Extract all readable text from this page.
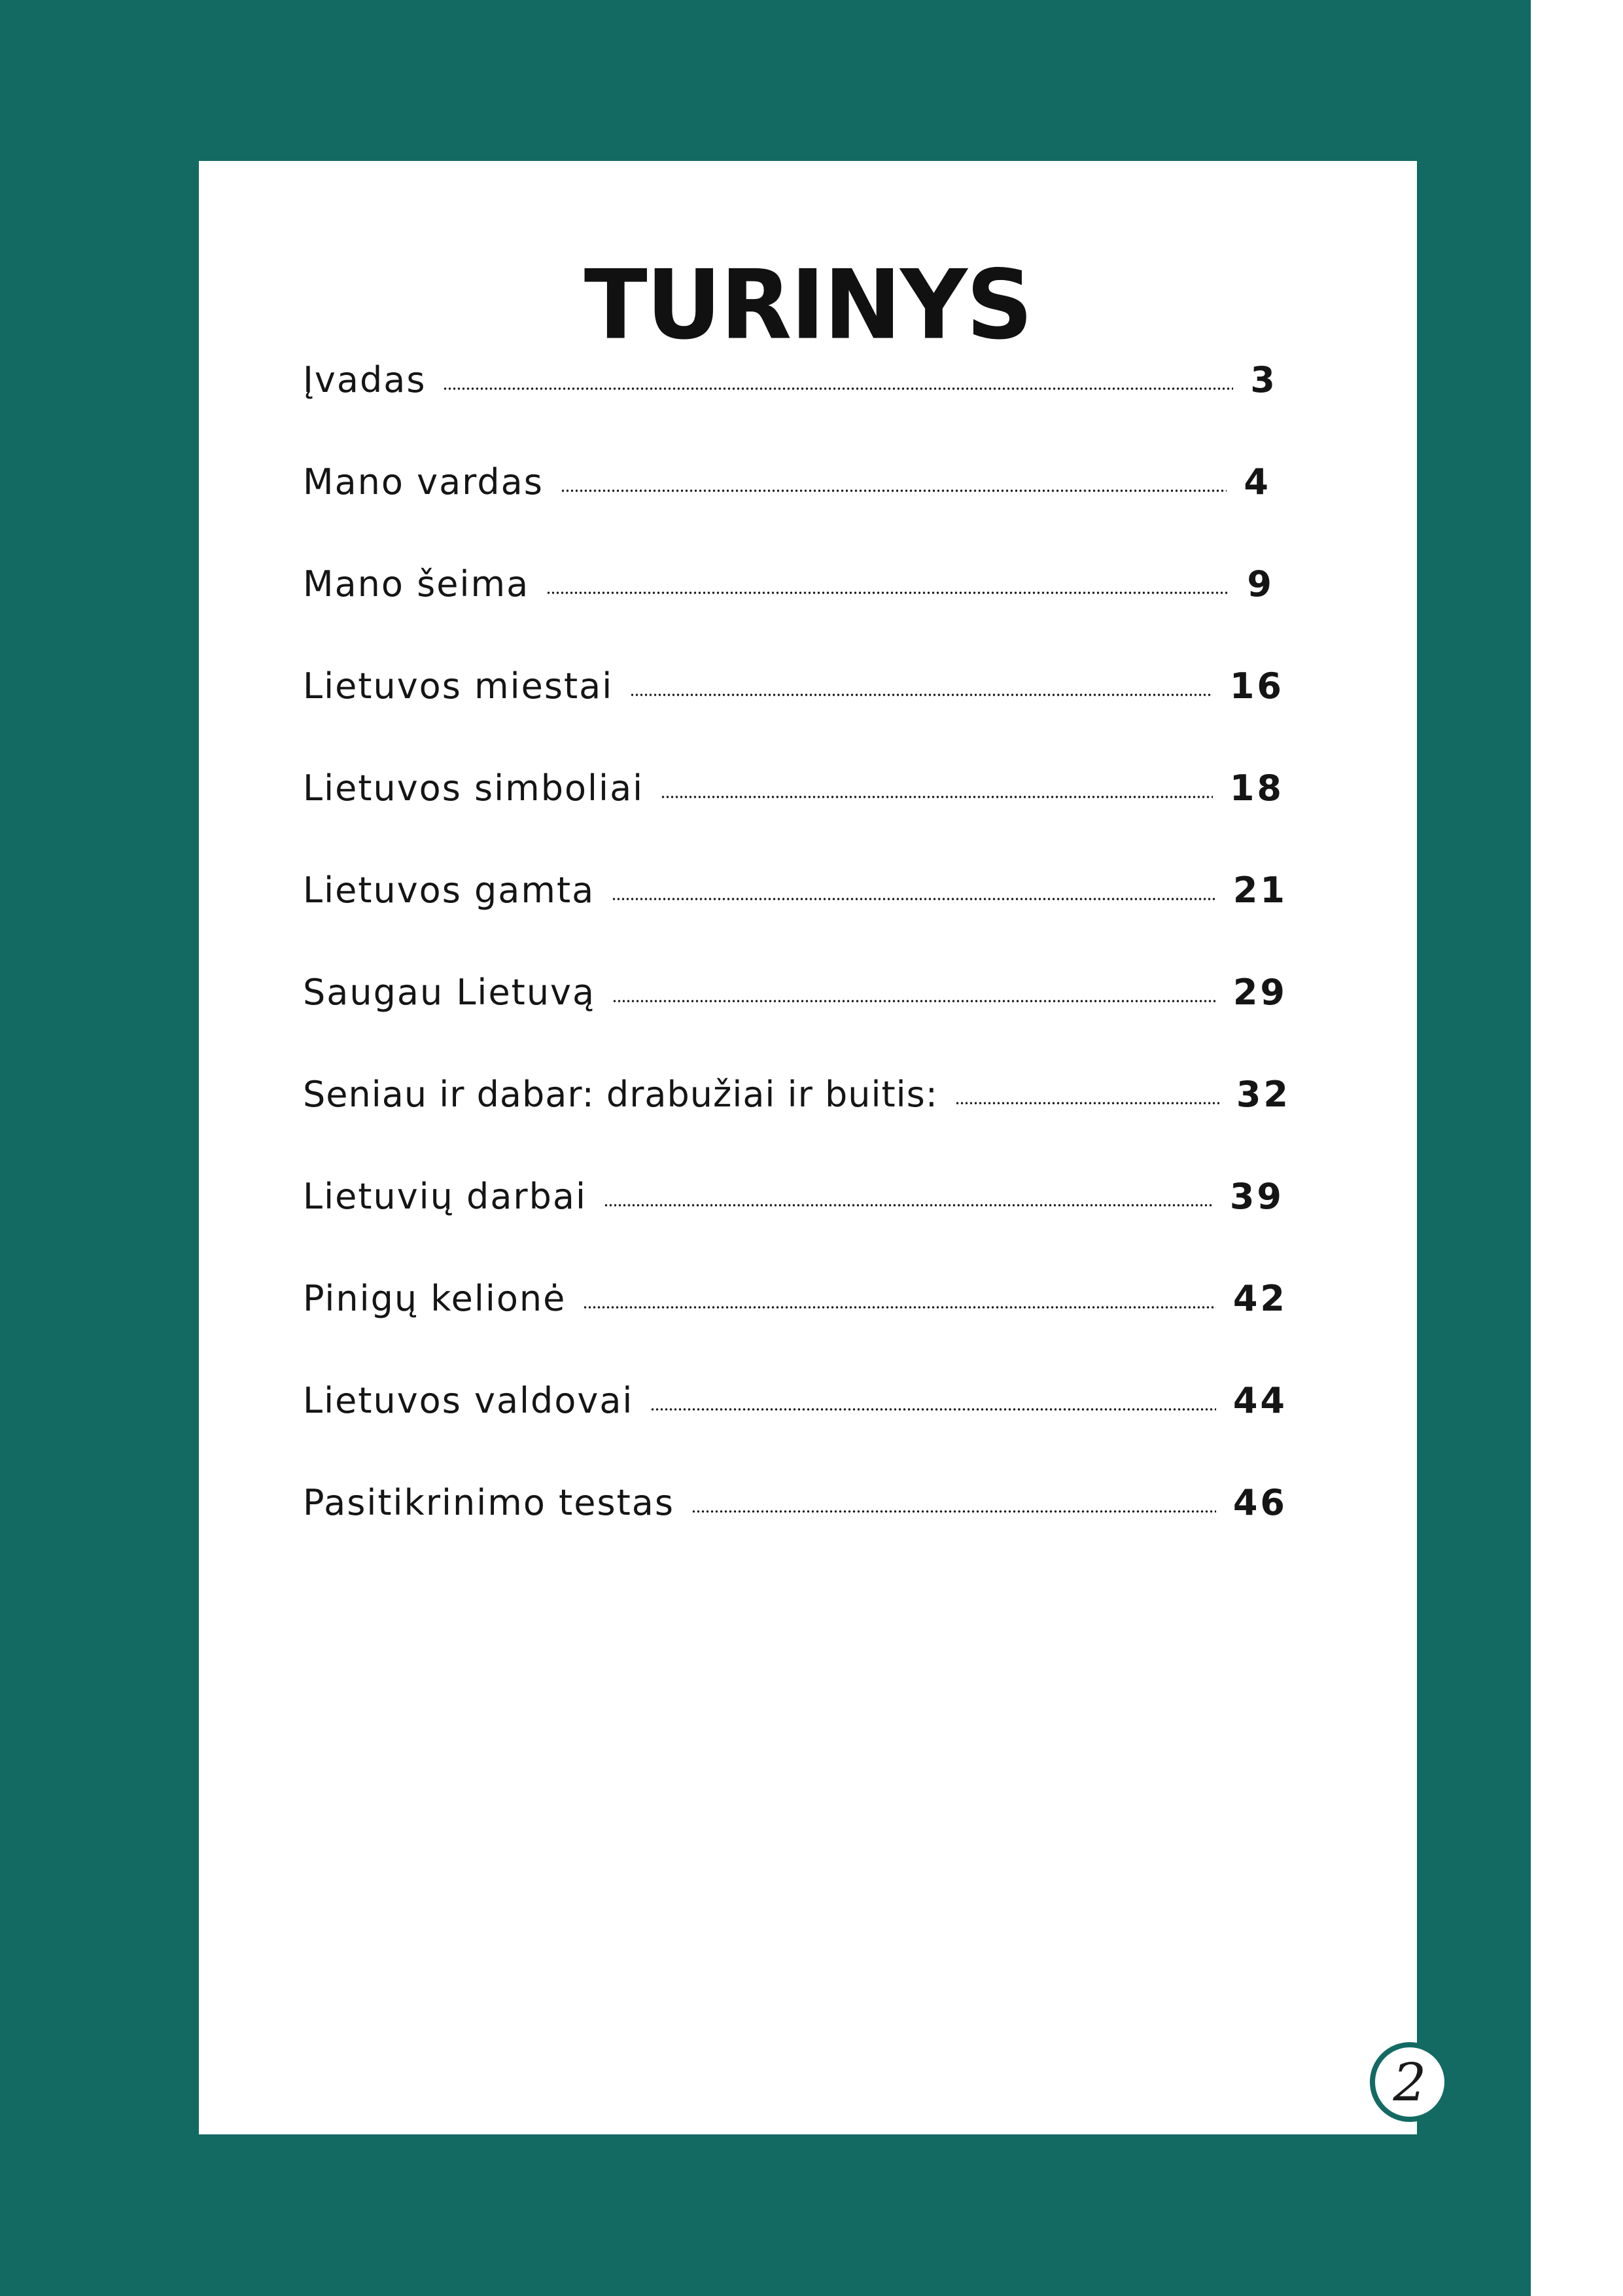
TURINYS
Įvadas	3
Mano vardas	4
Mano šeima	9
Lietuvos miestai	16
Lietuvos simboliai	18
Lietuvos gamta	21
Saugau Lietuvą	29
Seniau ir dabar: drabužiai ir buitis:	32
Lietuvių darbai	39
Pinigų kelionė	42
Lietuvos valdovai	44
Pasitikrinimo testas	46
2
